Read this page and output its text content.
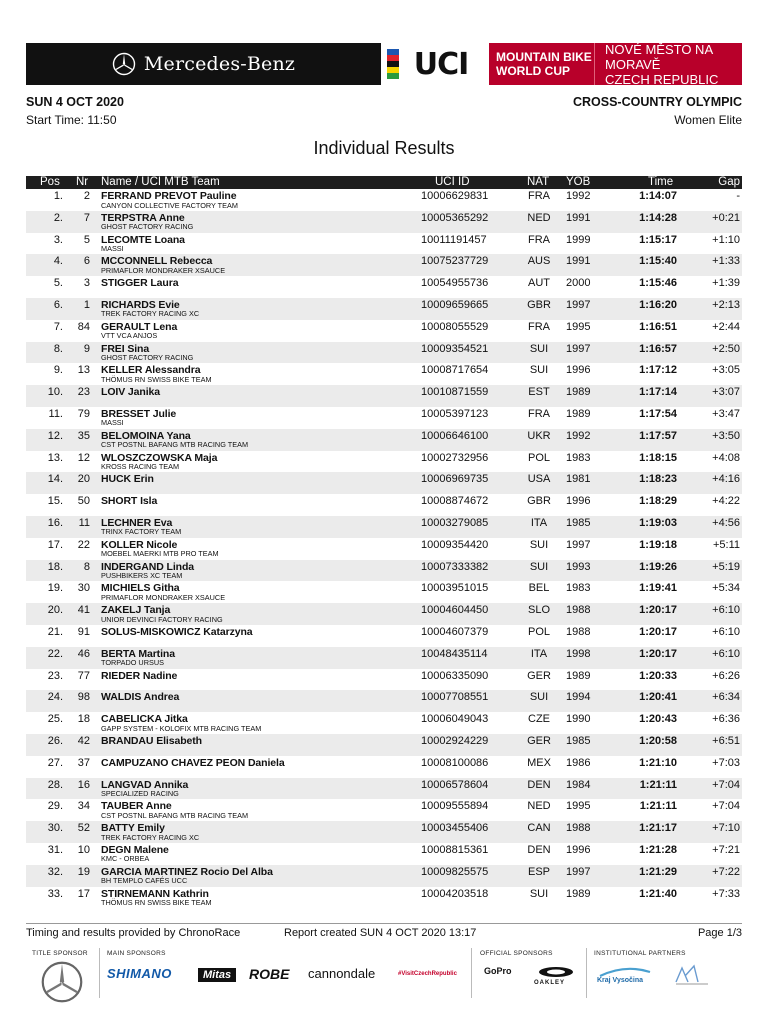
Mercedes-Benz	UCI MOUNTAIN BIKE
WORLD CUP
NOVÉ MĚSTO NA MORAVĚ
CZECH REPUBLIC
SUN 4 OCT 2020
Start Time: 11:50
CROSS-COUNTRY OLYMPIC
Women Elite
Individual Results
Pos Nr Name / UCI MTB Team	UCI ID	NAT YOB	Time	Gap
1. 2 FERRAND PREVOT Pauline
CANYON COLLECTIVE FACTORY TEAM
10006629831	FRA	1992	1:14:07	-
2. 7 TERPSTRA Anne
GHOST FACTORY RACING
10005365292	NED	1991	1:14:28	+0:21
3. 5 LECOMTE Loana
MASSI
10011191457	FRA	1999	1:15:17	+1:10
4. 6 MCCONNELL Rebecca
PRIMAFLOR MONDRAKER XSAUCE
10075237729	AUS	1991	1:15:40	+1:33
5. 3 STIGGER Laura	10054955736	AUT	2000	1:15:46	+1:39
6. 1 RICHARDS Evie
TREK FACTORY RACING XC
10009659665	GBR	1997	1:16:20	+2:13
7. 84 GERAULT Lena
VTT VCA ANJOS
10008055529	FRA	1995	1:16:51	+2:44
8. 9 FREI Sina
GHOST FACTORY RACING
10009354521	SUI	1997	1:16:57	+2:50
9. 13 KELLER Alessandra
THÖMUS RN SWISS BIKE TEAM
10008717654	SUI	1996	1:17:12	+3:05
10. 23 LOIV Janika	10010871559	EST	1989	1:17:14	+3:07
11. 79 BRESSET Julie
MASSI
10005397123	FRA	1989	1:17:54	+3:47
12. 35 BELOMOINA Yana
CST POSTNL BAFANG MTB RACING TEAM
10006646100	UKR	1992	1:17:57	+3:50
13. 12 WLOSZCZOWSKA Maja
KROSS RACING TEAM
10002732956	POL	1983	1:18:15	+4:08
14. 20 HUCK Erin	10006969735	USA	1981	1:18:23	+4:16
15. 50 SHORT Isla	10008874672	GBR	1996	1:18:29	+4:22
16. 11 LECHNER Eva
TRINX FACTORY TEAM
10003279085	ITA	1985	1:19:03	+4:56
17. 22 KOLLER Nicole
MOEBEL MAERKI MTB PRO TEAM
10009354420	SUI	1997	1:19:18	+5:11
18. 8 INDERGAND Linda
PUSHBIKERS XC TEAM
10007333382	SUI	1993	1:19:26	+5:19
19. 30 MICHIELS Githa
PRIMAFLOR MONDRAKER XSAUCE
10003951015	BEL	1983	1:19:41	+5:34
20. 41 ZAKELJ Tanja
UNIOR DEVINCI FACTORY RACING
10004604450	SLO	1988	1:20:17	+6:10
21. 91 SOLUS-MISKOWICZ Katarzyna	10004607379	POL	1988	1:20:17	+6:10
22. 46 BERTA Martina
TORPADO URSUS
10048435114	ITA	1998	1:20:17	+6:10
23. 77 RIEDER Nadine	10006335090	GER	1989	1:20:33	+6:26
24. 98 WALDIS Andrea	10007708551	SUI	1994	1:20:41	+6:34
25. 18 CABELICKA Jitka
GAPP SYSTEM - KOLOFIX MTB RACING TEAM
10006049043	CZE	1990	1:20:43	+6:36
26. 42 BRANDAU Elisabeth	10002924229	GER	1985	1:20:58	+6:51
27. 37 CAMPUZANO CHAVEZ PEON Daniela	10008100086	MEX	1986	1:21:10	+7:03
28. 16 LANGVAD Annika
SPECIALIZED RACING
10006578604	DEN	1984	1:21:11	+7:04
29. 34 TAUBER Anne
CST POSTNL BAFANG MTB RACING TEAM
10009555894	NED	1995	1:21:11	+7:04
30. 52 BATTY Emily
TREK FACTORY RACING XC
10003455406	CAN	1988	1:21:17	+7:10
31. 10 DEGN Malene
KMC - ORBEA
10008815361	DEN	1996	1:21:28	+7:21
32. 19 GARCIA MARTINEZ Rocio Del Alba
BH TEMPLO CAFÉS UCC
10009825575	ESP	1997	1:21:29	+7:22
33. 17 STIRNEMANN Kathrin
THÖMUS RN SWISS BIKE TEAM
10004203518	SUI	1989	1:21:40	+7:33
Timing and results provided by ChronoRace	Report created SUN 4 OCT 2020 13:17	Page 1/3
TITLE SPONSOR	MAIN SPONSORS
SHIMANO	Mitas	ROBE cannondale	#VisitCzechRepublic
OFFICIAL SPONSORS
GoPro
OAKLEY
INSTITUTIONAL PARTNERS
Kraj Vysočina
